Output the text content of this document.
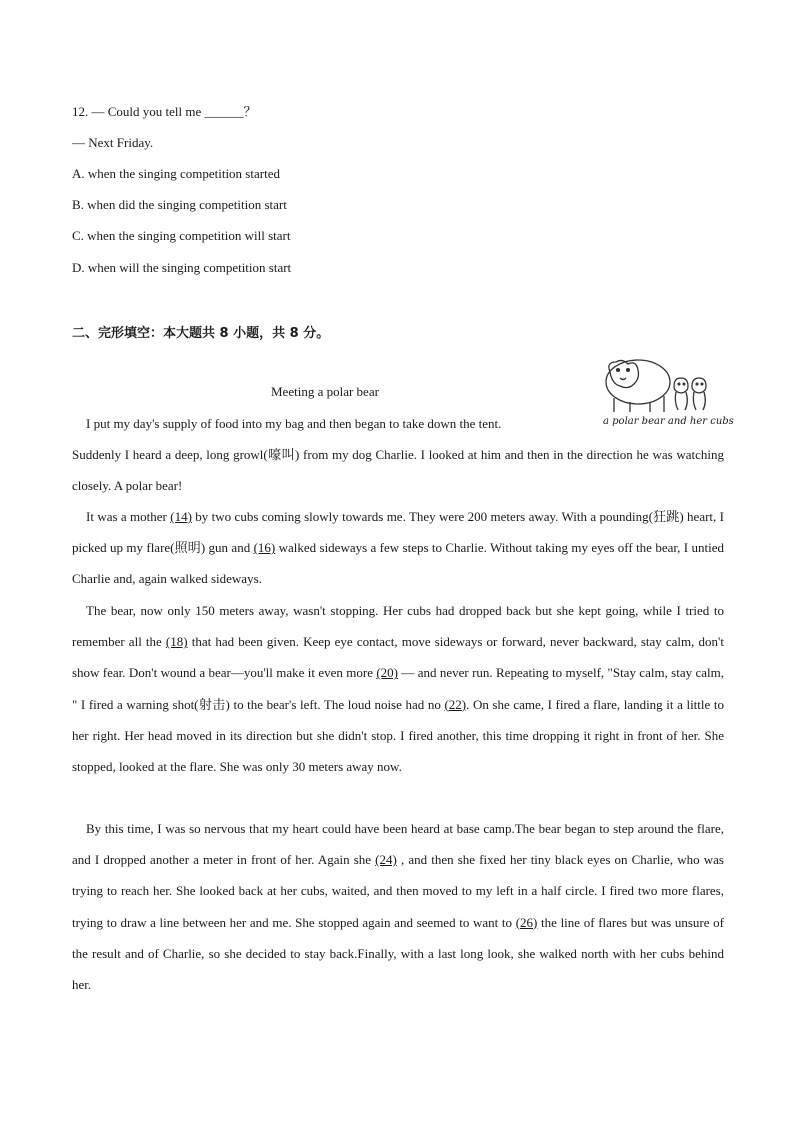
12. — Could you tell me ______？
— Next Friday.
A. when the singing competition started
B. when did the singing competition start
C. when the singing competition will start
D. when will the singing competition start
二、完形填空：本大题共 8 小题，共 8 分。
Meeting a polar bear
a polar bear and her cubs
I put my day's supply of food into my bag and then began to take down the tent.
Suddenly I heard a deep, long growl(嚎叫) from my dog Charlie. I looked at him and then in the direction he was watching closely. A polar bear!
It was a mother (14) by two cubs coming slowly towards me. They were 200 meters away. With a pounding(狂跳) heart, I picked up my flare(照明) gun and (16) walked sideways a few steps to Charlie. Without taking my eyes off the bear, I untied Charlie and, again walked sideways.
The bear, now only 150 meters away, wasn't stopping. Her cubs had dropped back but she kept going, while I tried to remember all the (18) that had been given. Keep eye contact, move sideways or forward, never backward, stay calm, don't show fear. Don't wound a bear—you'll make it even more (20) — and never run. Repeating to myself, "Stay calm, stay calm, " I fired a warning shot(射击) to the bear's left. The loud noise had no (22). On she came, I fired a flare, landing it a little to her right. Her head moved in its direction but she didn't stop. I fired another, this time dropping it right in front of her. She stopped, looked at the flare. She was only 30 meters away now.
By this time, I was so nervous that my heart could have been heard at base camp.The bear began to step around the flare, and I dropped another a meter in front of her. Again she (24) , and then she fixed her tiny black eyes on Charlie, who was trying to reach her. She looked back at her cubs, waited, and then moved to my left in a half circle. I fired two more flares, trying to draw a line between her and me. She stopped again and seemed to want to (26) the line of flares but was unsure of the result and of Charlie, so she decided to stay back.Finally, with a last long look, she walked north with her cubs behind her.
